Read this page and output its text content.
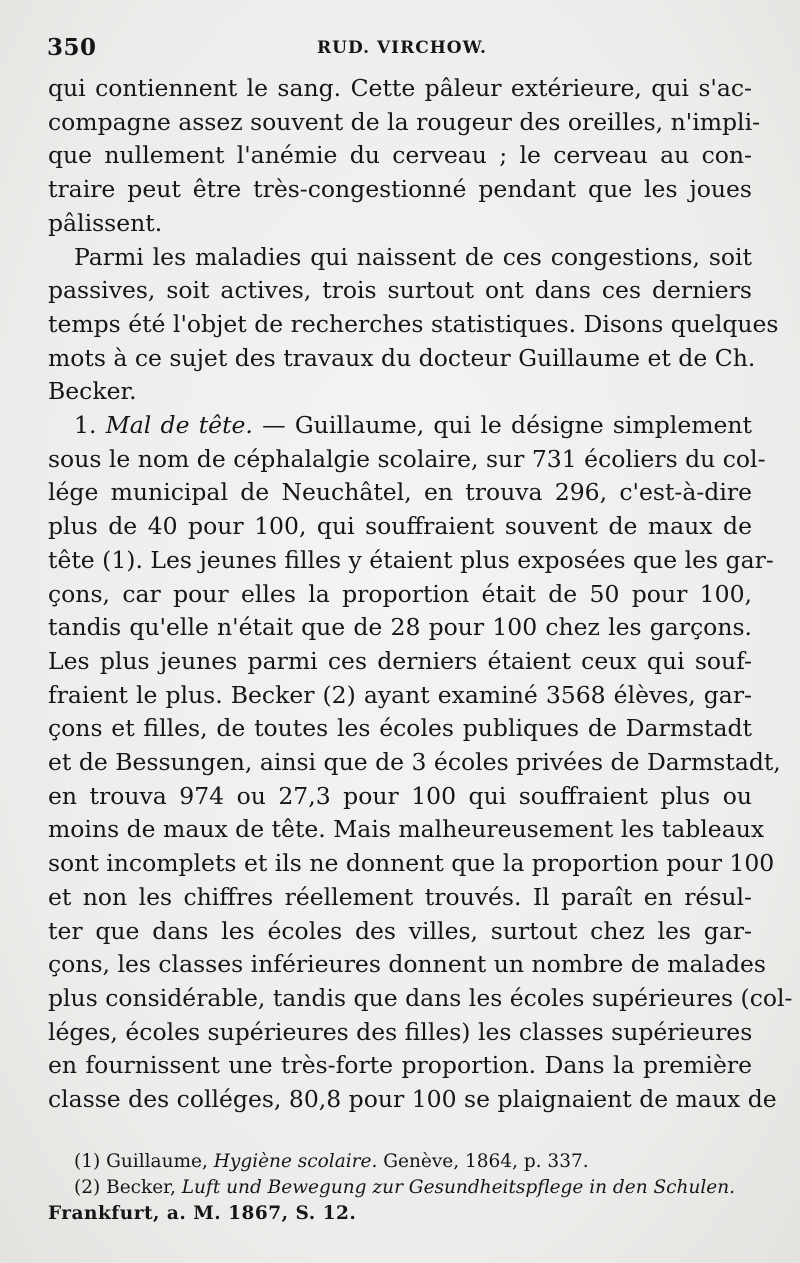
350	RUD. VIRCHOW.
qui contiennent le sang. Cette pâleur extérieure, qui s'ac-
compagne assez souvent de la rougeur des oreilles, n'impli-
que nullement l'anémie du cerveau ; le cerveau au con-
traire peut être très-congestionné pendant que les joues
pâlissent.
Parmi les maladies qui naissent de ces congestions, soit
passives, soit actives, trois surtout ont dans ces derniers
temps été l'objet de recherches statistiques. Disons quelques
mots à ce sujet des travaux du docteur Guillaume et de Ch.
Becker.
1. Mal de tête. — Guillaume, qui le désigne simplement
sous le nom de céphalalgie scolaire, sur 731 écoliers du col-
lége municipal de Neuchâtel, en trouva 296, c'est-à-dire
plus de 40 pour 100, qui souffraient souvent de maux de
tête (1). Les jeunes filles y étaient plus exposées que les gar-
çons, car pour elles la proportion était de 50 pour 100,
tandis qu'elle n'était que de 28 pour 100 chez les garçons.
Les plus jeunes parmi ces derniers étaient ceux qui souf-
fraient le plus. Becker (2) ayant examiné 3568 élèves, gar-
çons et filles, de toutes les écoles publiques de Darmstadt
et de Bessungen, ainsi que de 3 écoles privées de Darmstadt,
en trouva 974 ou 27,3 pour 100 qui souffraient plus ou
moins de maux de tête. Mais malheureusement les tableaux
sont incomplets et ils ne donnent que la proportion pour 100
et non les chiffres réellement trouvés. Il paraît en résul-
ter que dans les écoles des villes, surtout chez les gar-
çons, les classes inférieures donnent un nombre de malades
plus considérable, tandis que dans les écoles supérieures (col-
léges, écoles supérieures des filles) les classes supérieures
en fournissent une très-forte proportion. Dans la première
classe des colléges, 80,8 pour 100 se plaignaient de maux de
(1) Guillaume, Hygiène scolaire. Genève, 1864, p. 337.
(2) Becker, Luft und Bewegung zur Gesundheitspflege in den Schulen.
Frankfurt, a. M. 1867, S. 12.
